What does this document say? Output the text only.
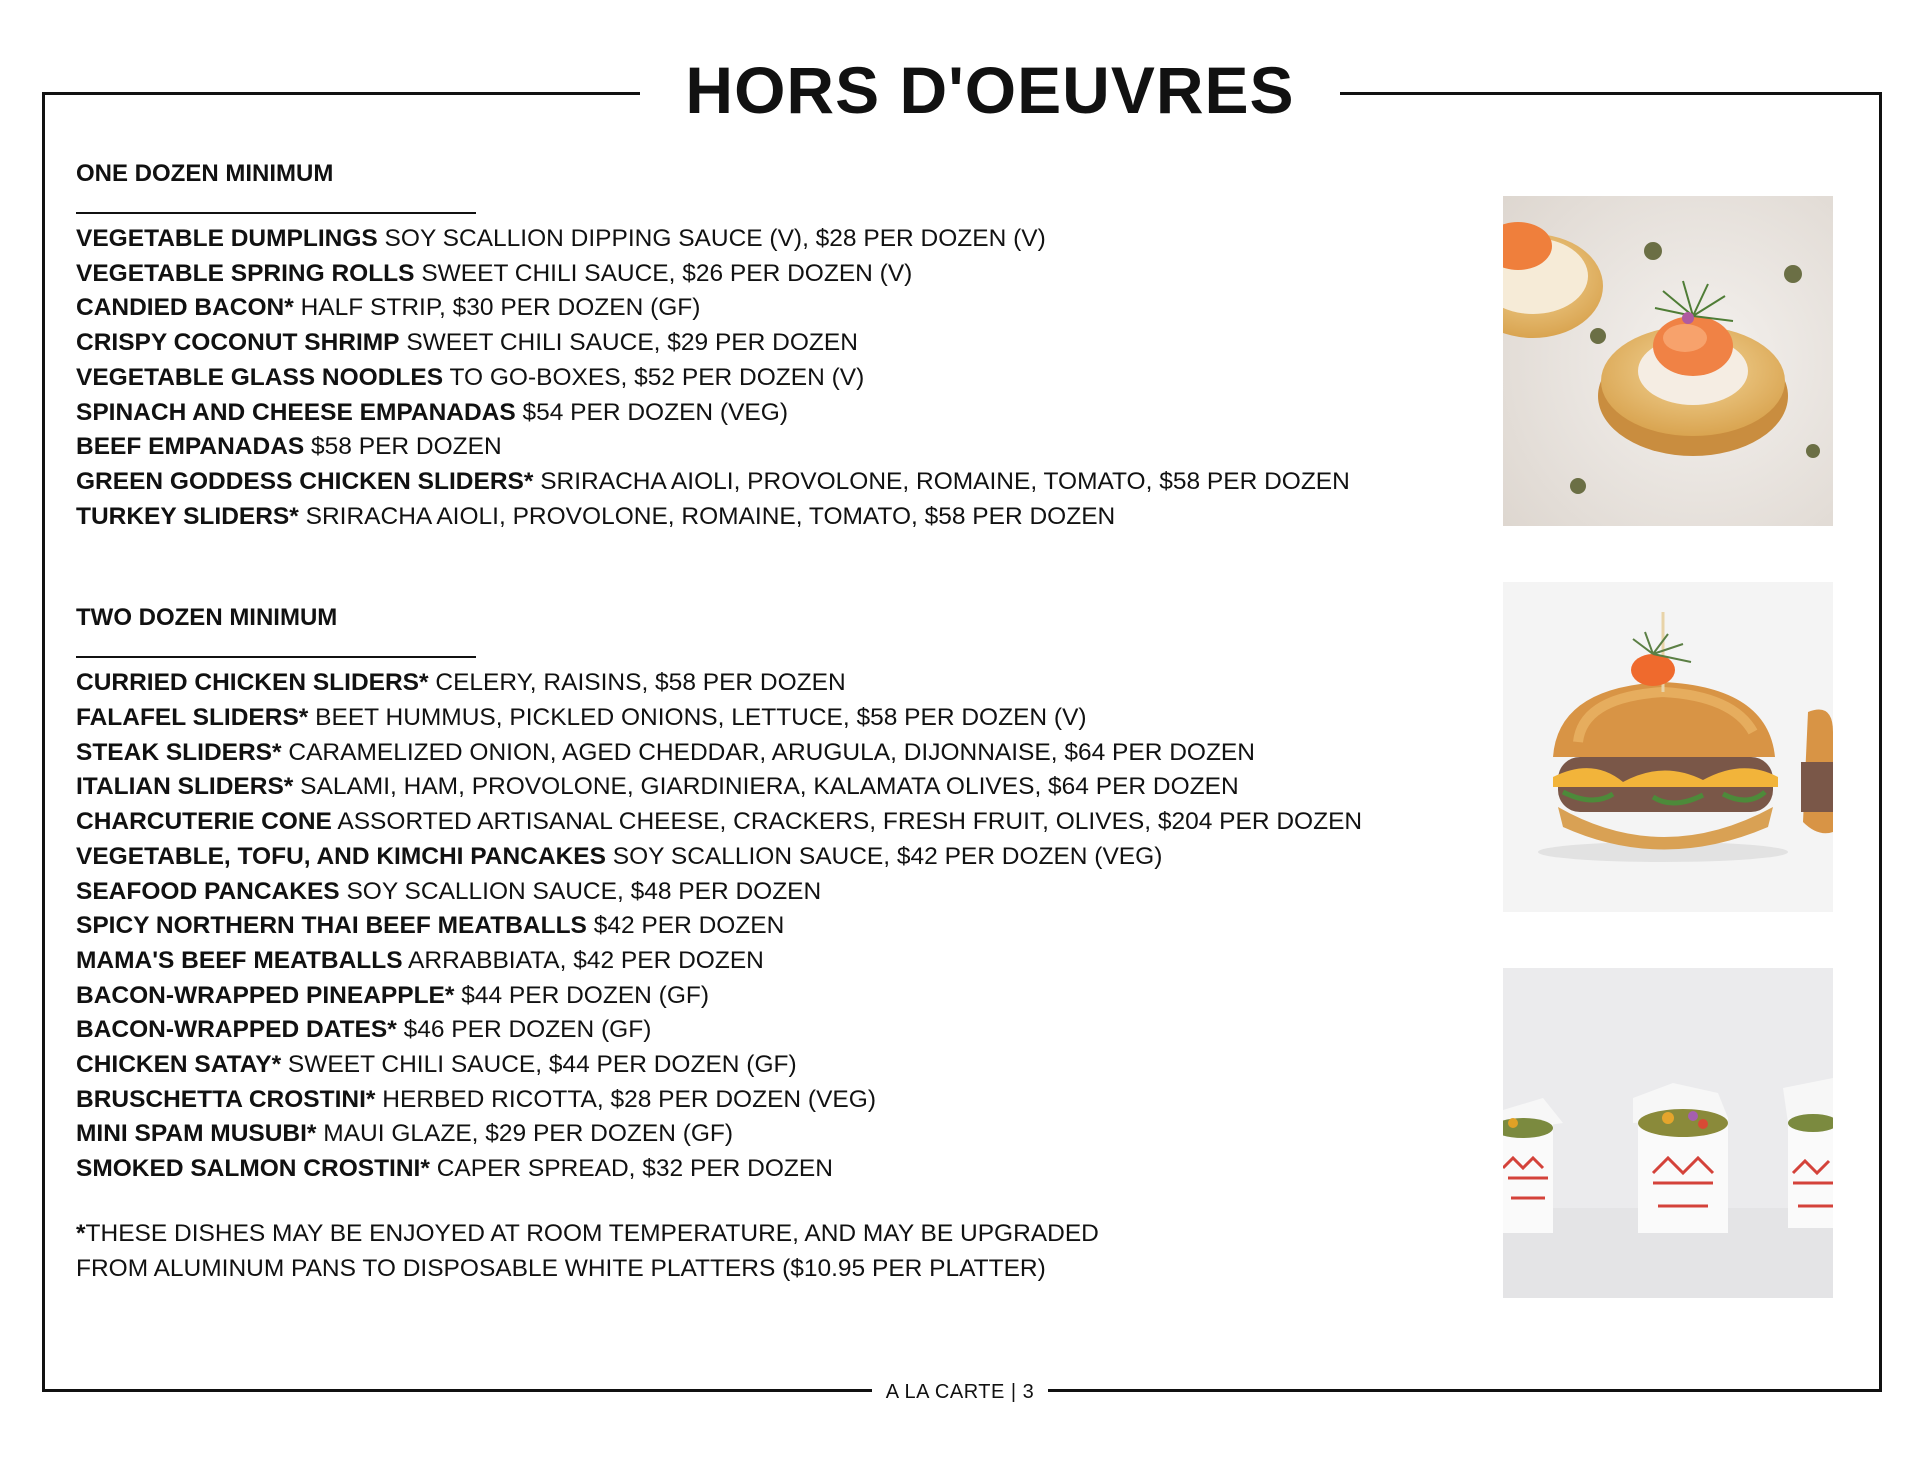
HORS D'OEUVRES
ONE DOZEN MINIMUM
VEGETABLE DUMPLINGS SOY SCALLION DIPPING SAUCE (V), $28 PER DOZEN (V)
VEGETABLE SPRING ROLLS SWEET CHILI SAUCE, $26 PER DOZEN (V)
CANDIED BACON* HALF STRIP, $30 PER DOZEN (GF)
CRISPY COCONUT SHRIMP SWEET CHILI SAUCE, $29 PER DOZEN
VEGETABLE GLASS NOODLES TO GO-BOXES, $52 PER DOZEN (V)
SPINACH AND CHEESE EMPANADAS $54 PER DOZEN (VEG)
BEEF EMPANADAS $58 PER DOZEN
GREEN GODDESS CHICKEN SLIDERS* SRIRACHA AIOLI, PROVOLONE, ROMAINE, TOMATO, $58 PER DOZEN
TURKEY SLIDERS* SRIRACHA AIOLI, PROVOLONE, ROMAINE, TOMATO, $58 PER DOZEN
TWO DOZEN MINIMUM
CURRIED CHICKEN SLIDERS* CELERY, RAISINS, $58 PER DOZEN
FALAFEL SLIDERS* BEET HUMMUS, PICKLED ONIONS, LETTUCE, $58 PER DOZEN (V)
STEAK SLIDERS* CARAMELIZED ONION, AGED CHEDDAR, ARUGULA, DIJONNAISE, $64 PER DOZEN
ITALIAN SLIDERS* SALAMI, HAM, PROVOLONE, GIARDINIERA, KALAMATA OLIVES, $64 PER DOZEN
CHARCUTERIE CONE ASSORTED ARTISANAL CHEESE, CRACKERS, FRESH FRUIT, OLIVES, $204 PER DOZEN
VEGETABLE, TOFU, AND KIMCHI PANCAKES SOY SCALLION SAUCE, $42 PER DOZEN (VEG)
SEAFOOD PANCAKES SOY SCALLION SAUCE, $48 PER DOZEN
SPICY NORTHERN THAI BEEF MEATBALLS $42 PER DOZEN
MAMA'S BEEF MEATBALLS ARRABBIATA, $42 PER DOZEN
BACON-WRAPPED PINEAPPLE* $44 PER DOZEN (GF)
BACON-WRAPPED DATES* $46 PER DOZEN (GF)
CHICKEN SATAY* SWEET CHILI SAUCE, $44 PER DOZEN (GF)
BRUSCHETTA CROSTINI* HERBED RICOTTA, $28 PER DOZEN (VEG)
MINI SPAM MUSUBI* MAUI GLAZE, $29 PER DOZEN (GF)
SMOKED SALMON CROSTINI* CAPER SPREAD, $32 PER DOZEN
*THESE DISHES MAY BE ENJOYED AT ROOM TEMPERATURE, AND MAY BE UPGRADED
FROM ALUMINUM PANS TO DISPOSABLE WHITE PLATTERS ($10.95 PER PLATTER)
A LA CARTE | 3
